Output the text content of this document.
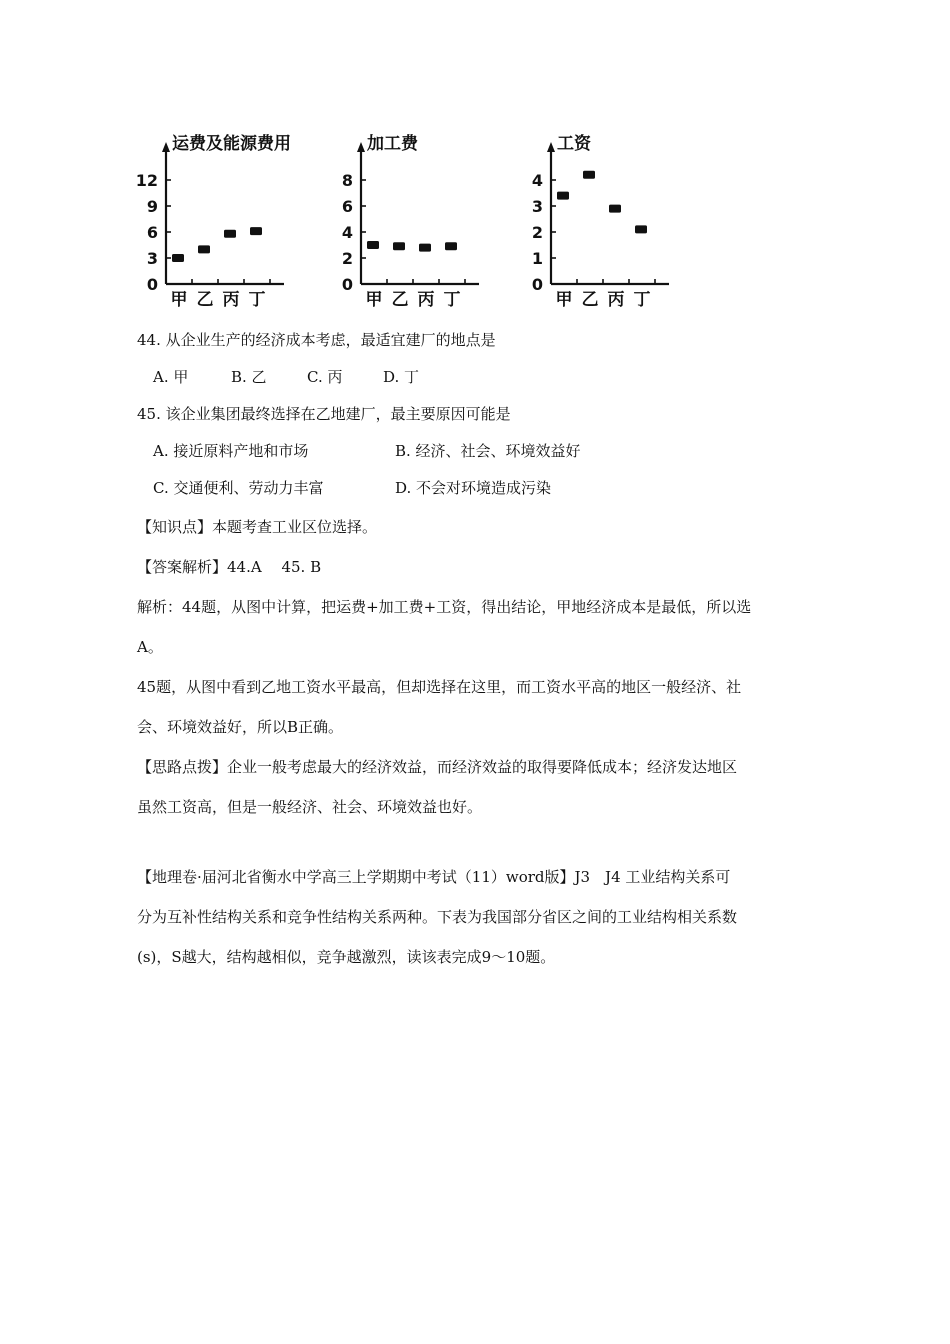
运费及能源费用
0
3
6
9
12
甲 乙 丙 丁
加工费
0
2
4
6
8
甲 乙 丙 丁
工资
0
1
2
3
4
甲 乙 丙 丁
44. 从企业生产的经济成本考虑，最适宜建厂的地点是
A. 甲	B. 乙	C. 丙	D. 丁
45. 该企业集团最终选择在乙地建厂，最主要原因可能是
A. 接近原料产地和市场	B. 经济、社会、环境效益好
C. 交通便利、劳动力丰富	D. 不会对环境造成污染
【知识点】本题考查工业区位选择。
【答案解析】44.A　 45. B
解析：44题，从图中计算，把运费+加工费+工资，得出结论，甲地经济成本是最低，所以选
A。
45题，从图中看到乙地工资水平最高，但却选择在这里，而工资水平高的地区一般经济、社
会、环境效益好，所以B正确。
【思路点拨】企业一般考虑最大的经济效益，而经济效益的取得要降低成本；经济发达地区
虽然工资高，但是一般经济、社会、环境效益也好。
【地理卷·届河北省衡水中学高三上学期期中考试（11）word版】J3　J4 工业结构关系可
分为互补性结构关系和竞争性结构关系两种。下表为我国部分省区之间的工业结构相关系数
(s)，S越大，结构越相似，竞争越激烈，读该表完成9～10题。
